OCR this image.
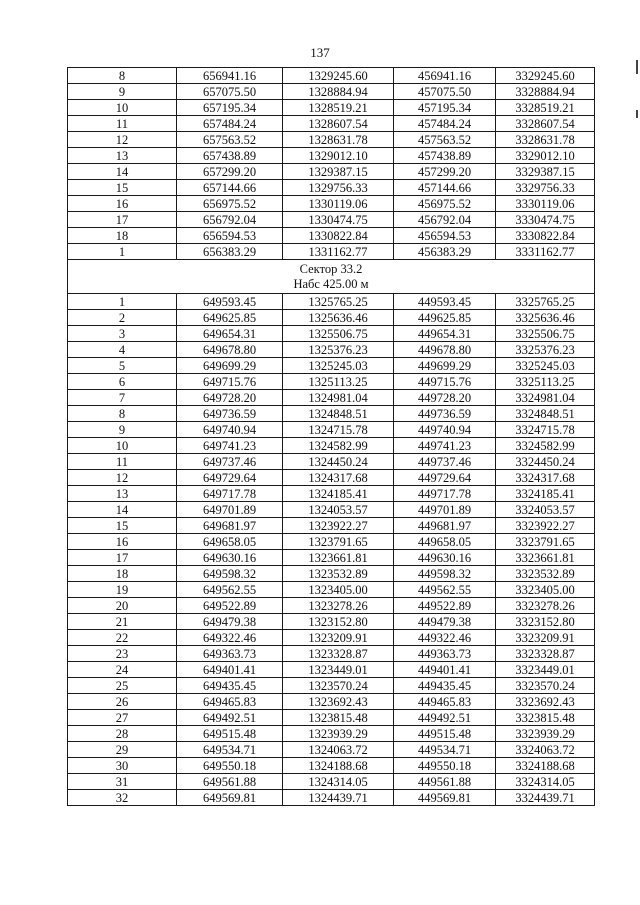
137
8	656941.16	1329245.60	456941.16	3329245.60
9	657075.50	1328884.94	457075.50	3328884.94
10	657195.34	1328519.21	457195.34	3328519.21
11	657484.24	1328607.54	457484.24	3328607.54
12	657563.52	1328631.78	457563.52	3328631.78
13	657438.89	1329012.10	457438.89	3329012.10
14	657299.20	1329387.15	457299.20	3329387.15
15	657144.66	1329756.33	457144.66	3329756.33
16	656975.52	1330119.06	456975.52	3330119.06
17	656792.04	1330474.75	456792.04	3330474.75
18	656594.53	1330822.84	456594.53	3330822.84
1	656383.29	1331162.77	456383.29	3331162.77

Сектор 33.2
Набс 425.00 м				

1	649593.45	1325765.25	449593.45	3325765.25
2	649625.85	1325636.46	449625.85	3325636.46
3	649654.31	1325506.75	449654.31	3325506.75
4	649678.80	1325376.23	449678.80	3325376.23
5	649699.29	1325245.03	449699.29	3325245.03
6	649715.76	1325113.25	449715.76	3325113.25
7	649728.20	1324981.04	449728.20	3324981.04
8	649736.59	1324848.51	449736.59	3324848.51
9	649740.94	1324715.78	449740.94	3324715.78
10	649741.23	1324582.99	449741.23	3324582.99
11	649737.46	1324450.24	449737.46	3324450.24
12	649729.64	1324317.68	449729.64	3324317.68
13	649717.78	1324185.41	449717.78	3324185.41
14	649701.89	1324053.57	449701.89	3324053.57
15	649681.97	1323922.27	449681.97	3323922.27
16	649658.05	1323791.65	449658.05	3323791.65
17	649630.16	1323661.81	449630.16	3323661.81
18	649598.32	1323532.89	449598.32	3323532.89
19	649562.55	1323405.00	449562.55	3323405.00
20	649522.89	1323278.26	449522.89	3323278.26
21	649479.38	1323152.80	449479.38	3323152.80
22	649322.46	1323209.91	449322.46	3323209.91
23	649363.73	1323328.87	449363.73	3323328.87
24	649401.41	1323449.01	449401.41	3323449.01
25	649435.45	1323570.24	449435.45	3323570.24
26	649465.83	1323692.43	449465.83	3323692.43
27	649492.51	1323815.48	449492.51	3323815.48
28	649515.48	1323939.29	449515.48	3323939.29
29	649534.71	1324063.72	449534.71	3324063.72
30	649550.18	1324188.68	449550.18	3324188.68
31	649561.88	1324314.05	449561.88	3324314.05
32	649569.81	1324439.71	449569.81	3324439.71
